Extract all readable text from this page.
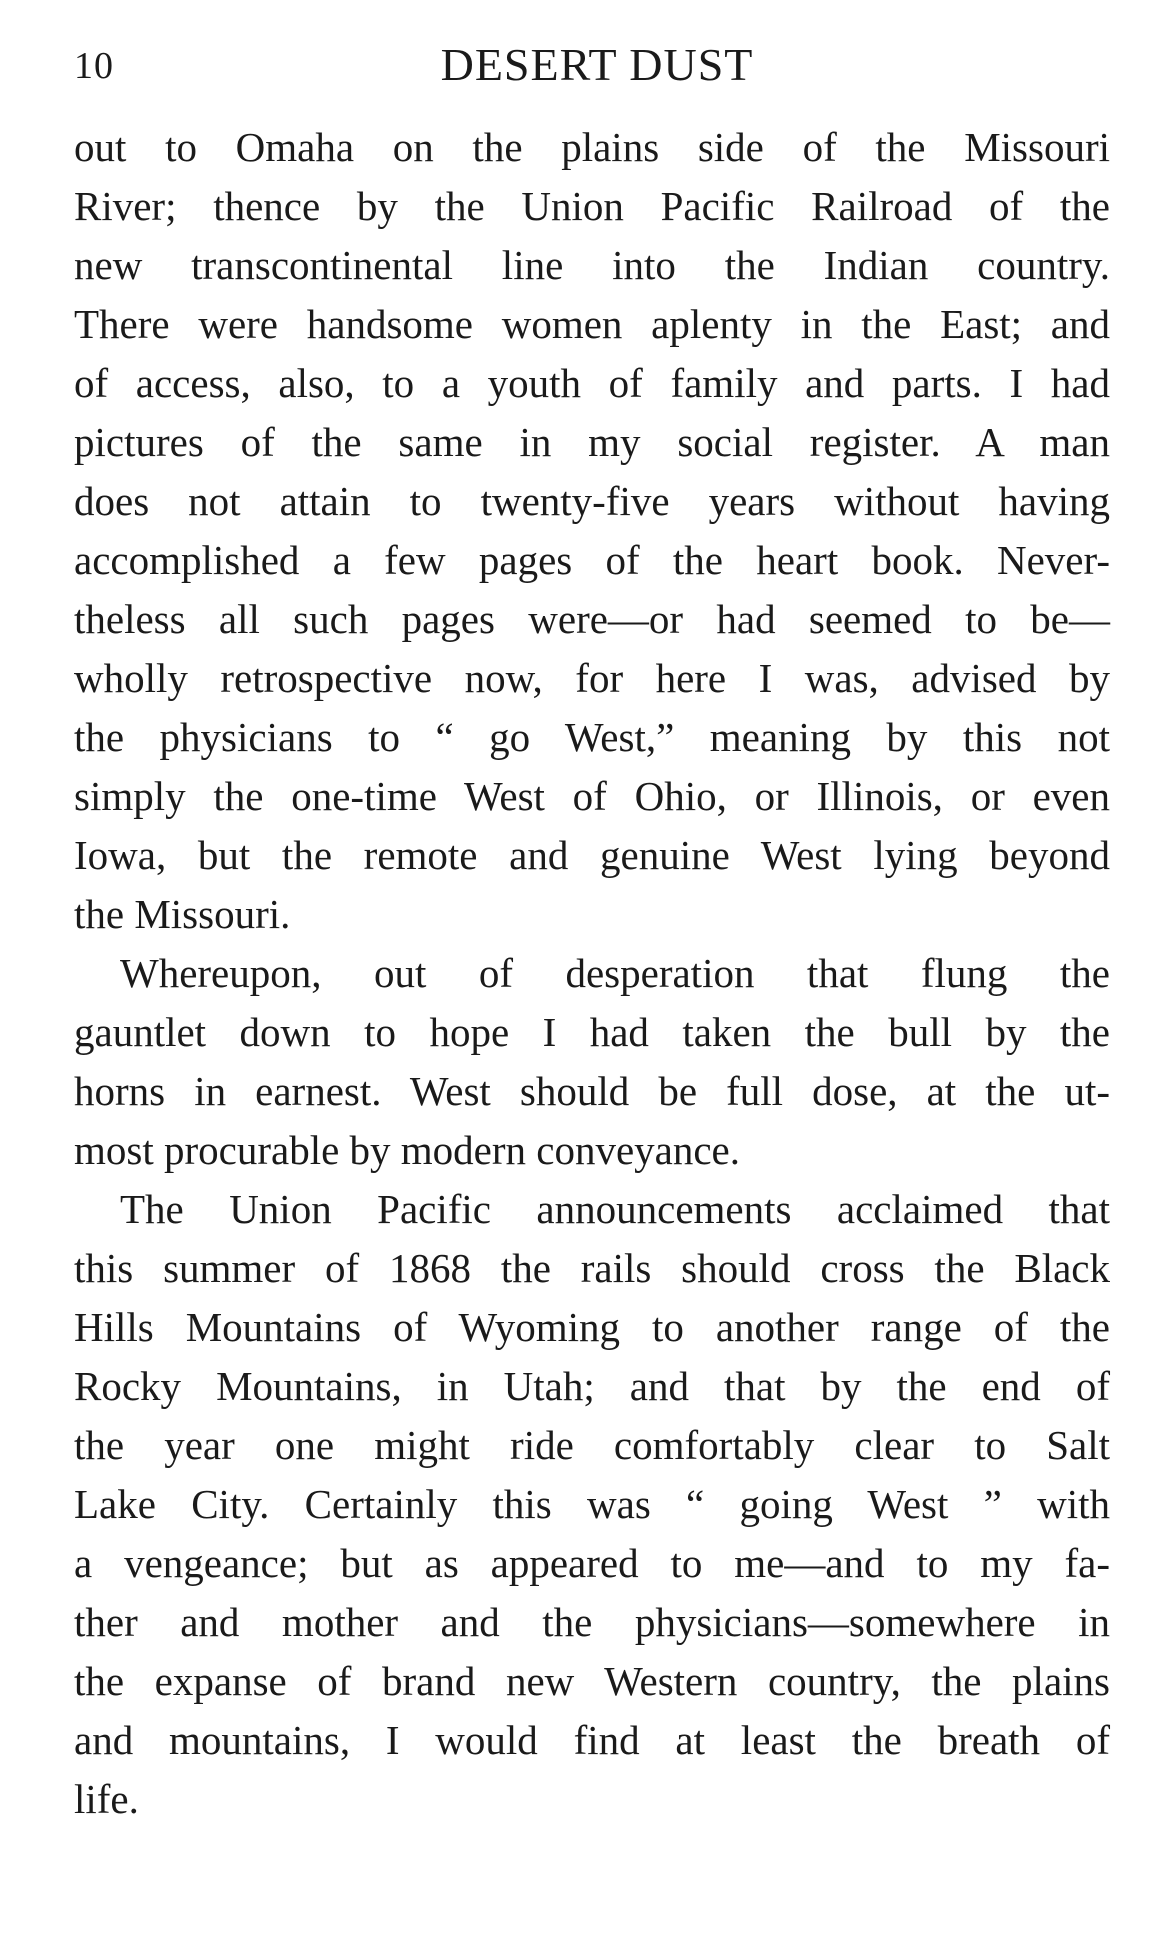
10	DESERT DUST
out to Omaha on the plains side of the Missouri
River; thence by the Union Pacific Railroad of the
new transcontinental line into the Indian country.
There were handsome women aplenty in the East; and
of access, also, to a youth of family and parts. I had
pictures of the same in my social register. A man
does not attain to twenty-five years without having
accomplished a few pages of the heart book. Never-
theless all such pages were—or had seemed to be—
wholly retrospective now, for here I was, advised by
the physicians to “ go West,” meaning by this not
simply the one-time West of Ohio, or Illinois, or even
Iowa, but the remote and genuine West lying beyond
the Missouri.
Whereupon, out of desperation that flung the
gauntlet down to hope I had taken the bull by the
horns in earnest. West should be full dose, at the ut-
most procurable by modern conveyance.
The Union Pacific announcements acclaimed that
this summer of 1868 the rails should cross the Black
Hills Mountains of Wyoming to another range of the
Rocky Mountains, in Utah; and that by the end of
the year one might ride comfortably clear to Salt
Lake City. Certainly this was “ going West ” with
a vengeance; but as appeared to me—and to my fa-
ther and mother and the physicians—somewhere in
the expanse of brand new Western country, the plains
and mountains, I would find at least the breath of
life.
